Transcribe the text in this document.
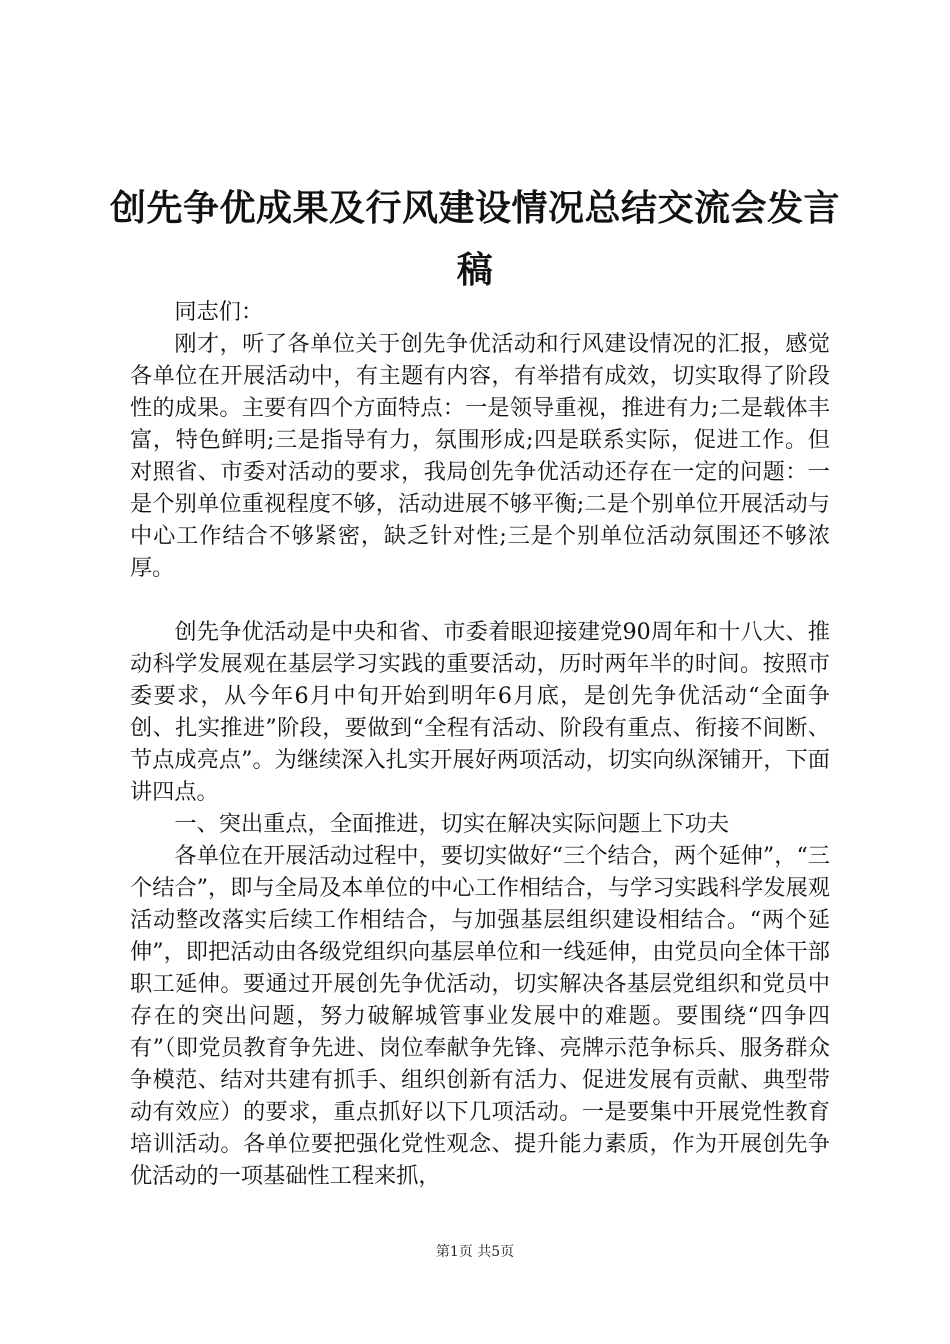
创先争优成果及行风建设情况总结交流会发言稿

同志们：

刚才，听了各单位关于创先争优活动和行风建设情况的汇报，感觉各单位在开展活动中，有主题有内容，有举措有成效，切实取得了阶段性的成果。主要有四个方面特点：一是领导重视，推进有力;二是载体丰富，特色鲜明;三是指导有力，氛围形成;四是联系实际，促进工作。但对照省、市委对活动的要求，我局创先争优活动还存在一定的问题：一是个别单位重视程度不够，活动进展不够平衡;二是个别单位开展活动与中心工作结合不够紧密，缺乏针对性;三是个别单位活动氛围还不够浓厚。

创先争优活动是中央和省、市委着眼迎接建党90周年和十八大、推动科学发展观在基层学习实践的重要活动，历时两年半的时间。按照市委要求，从今年6月中旬开始到明年6月底，是创先争优活动“全面争创、扎实推进”阶段，要做到“全程有活动、阶段有重点、衔接不间断、节点成亮点”。为继续深入扎实开展好两项活动，切实向纵深铺开，下面讲四点。

一、突出重点，全面推进，切实在解决实际问题上下功夫

各单位在开展活动过程中，要切实做好“三个结合，两个延伸”，“三个结合”，即与全局及本单位的中心工作相结合，与学习实践科学发展观活动整改落实后续工作相结合，与加强基层组织建设相结合。“两个延伸”，即把活动由各级党组织向基层单位和一线延伸，由党员向全体干部职工延伸。要通过开展创先争优活动，切实解决各基层党组织和党员中存在的突出问题，努力破解城管事业发展中的难题。要围绕“四争四有”（即党员教育争先进、岗位奉献争先锋、亮牌示范争标兵、服务群众争模范、结对共建有抓手、组织创新有活力、促进发展有贡献、典型带动有效应）的要求，重点抓好以下几项活动。一是要集中开展党性教育培训活动。各单位要把强化党性观念、提升能力素质，作为开展创先争优活动的一项基础性工程来抓，

第1页 共5页
